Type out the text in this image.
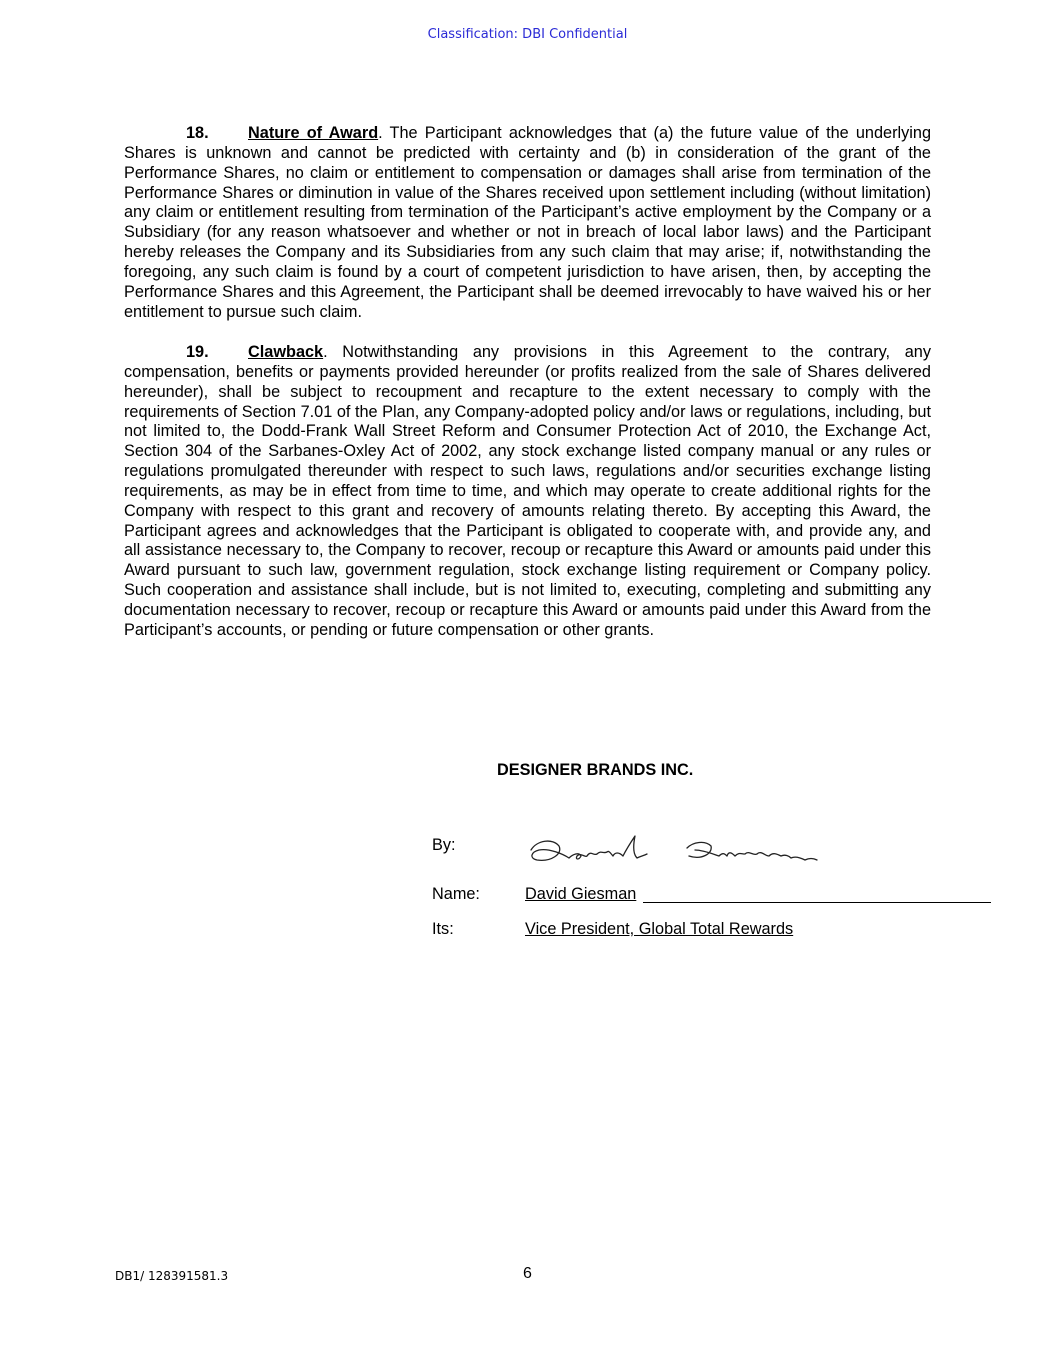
Classification: DBI Confidential
18. Nature of Award. The Participant acknowledges that (a) the future value of the underlying Shares is unknown and cannot be predicted with certainty and (b) in consideration of the grant of the Performance Shares, no claim or entitlement to compensation or damages shall arise from termination of the Performance Shares or diminution in value of the Shares received upon settlement including (without limitation) any claim or entitlement resulting from termination of the Participant’s active employment by the Company or a Subsidiary (for any reason whatsoever and whether or not in breach of local labor laws) and the Participant hereby releases the Company and its Subsidiaries from any such claim that may arise; if, notwithstanding the foregoing, any such claim is found by a court of competent jurisdiction to have arisen, then, by accepting the Performance Shares and this Agreement, the Participant shall be deemed irrevocably to have waived his or her entitlement to pursue such claim.
19. Clawback. Notwithstanding any provisions in this Agreement to the contrary, any compensation, benefits or payments provided hereunder (or profits realized from the sale of Shares delivered hereunder), shall be subject to recoupment and recapture to the extent necessary to comply with the requirements of Section 7.01 of the Plan, any Company-adopted policy and/or laws or regulations, including, but not limited to, the Dodd-Frank Wall Street Reform and Consumer Protection Act of 2010, the Exchange Act, Section 304 of the Sarbanes-Oxley Act of 2002, any stock exchange listed company manual or any rules or regulations promulgated thereunder with respect to such laws, regulations and/or securities exchange listing requirements, as may be in effect from time to time, and which may operate to create additional rights for the Company with respect to this grant and recovery of amounts relating thereto. By accepting this Award, the Participant agrees and acknowledges that the Participant is obligated to cooperate with, and provide any, and all assistance necessary to, the Company to recover, recoup or recapture this Award or amounts paid under this Award pursuant to such law, government regulation, stock exchange listing requirement or Company policy. Such cooperation and assistance shall include, but is not limited to, executing, completing and submitting any documentation necessary to recover, recoup or recapture this Award or amounts paid under this Award from the Participant’s accounts, or pending or future compensation or other grants.
DESIGNER BRANDS INC.
By:
Name:	David Giesman
Its:	Vice President, Global Total Rewards
DB1/ 128391581.3	6
